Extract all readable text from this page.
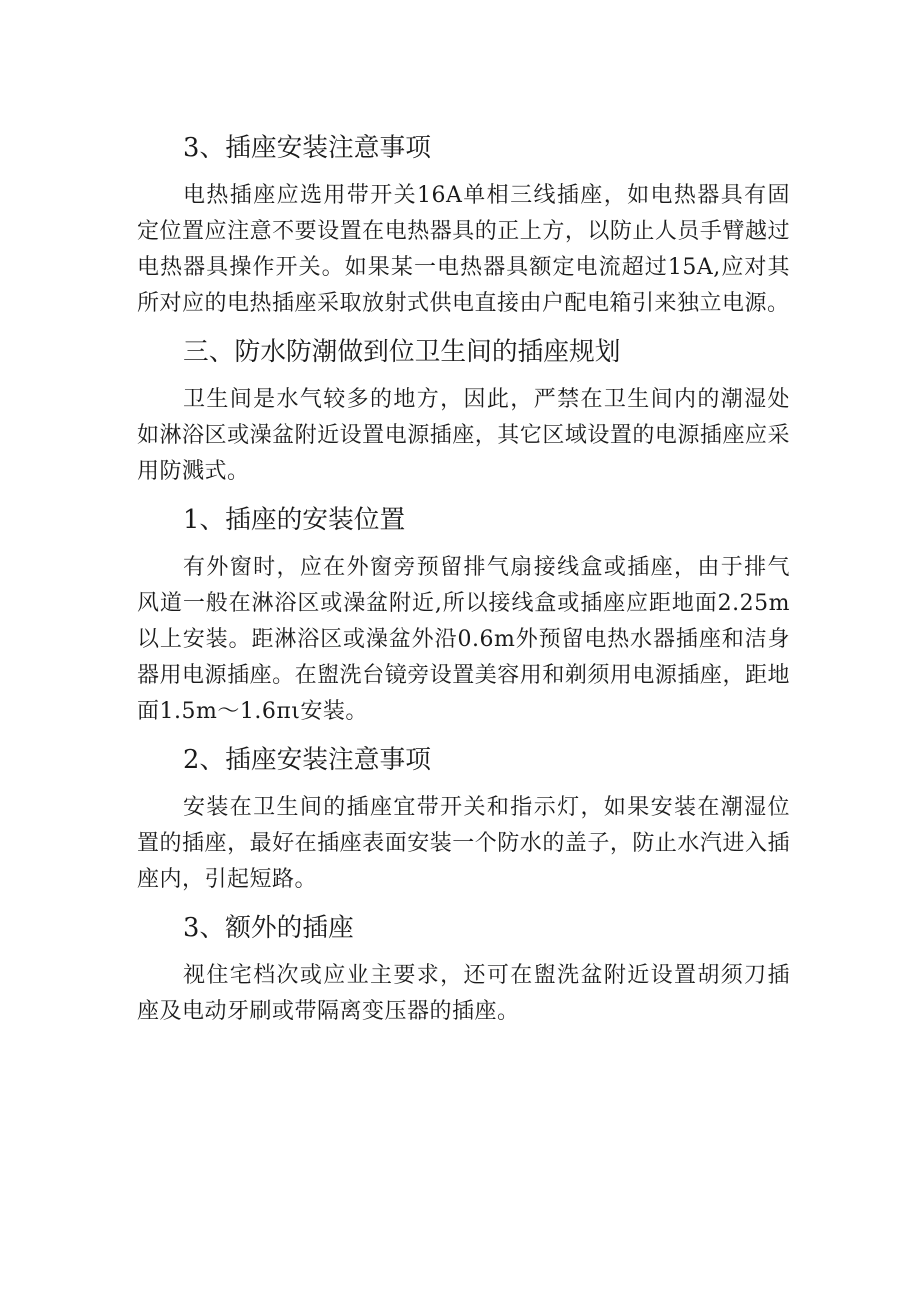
3、插座安装注意事项

电热插座应选用带开关16A单相三线插座，如电热器具有固定位置应注意不要设置在电热器具的正上方，以防止人员手臂越过电热器具操作开关。如果某一电热器具额定电流超过15A,应对其所对应的电热插座采取放射式供电直接由户配电箱引来独立电源。

三、防水防潮做到位卫生间的插座规划

卫生间是水气较多的地方，因此，严禁在卫生间内的潮湿处如淋浴区或澡盆附近设置电源插座，其它区域设置的电源插座应采用防溅式。

1、插座的安装位置

有外窗时，应在外窗旁预留排气扇接线盒或插座，由于排气风道一般在淋浴区或澡盆附近,所以接线盒或插座应距地面2.25m以上安装。距淋浴区或澡盆外沿0.6m外预留电热水器插座和洁身器用电源插座。在盥洗台镜旁设置美容用和剃须用电源插座，距地面1.5m～1.6πι安装。

2、插座安装注意事项

安装在卫生间的插座宜带开关和指示灯，如果安装在潮湿位置的插座，最好在插座表面安装一个防水的盖子，防止水汽进入插座内，引起短路。

3、额外的插座

视住宅档次或应业主要求，还可在盥洗盆附近设置胡须刀插座及电动牙刷或带隔离变压器的插座。
